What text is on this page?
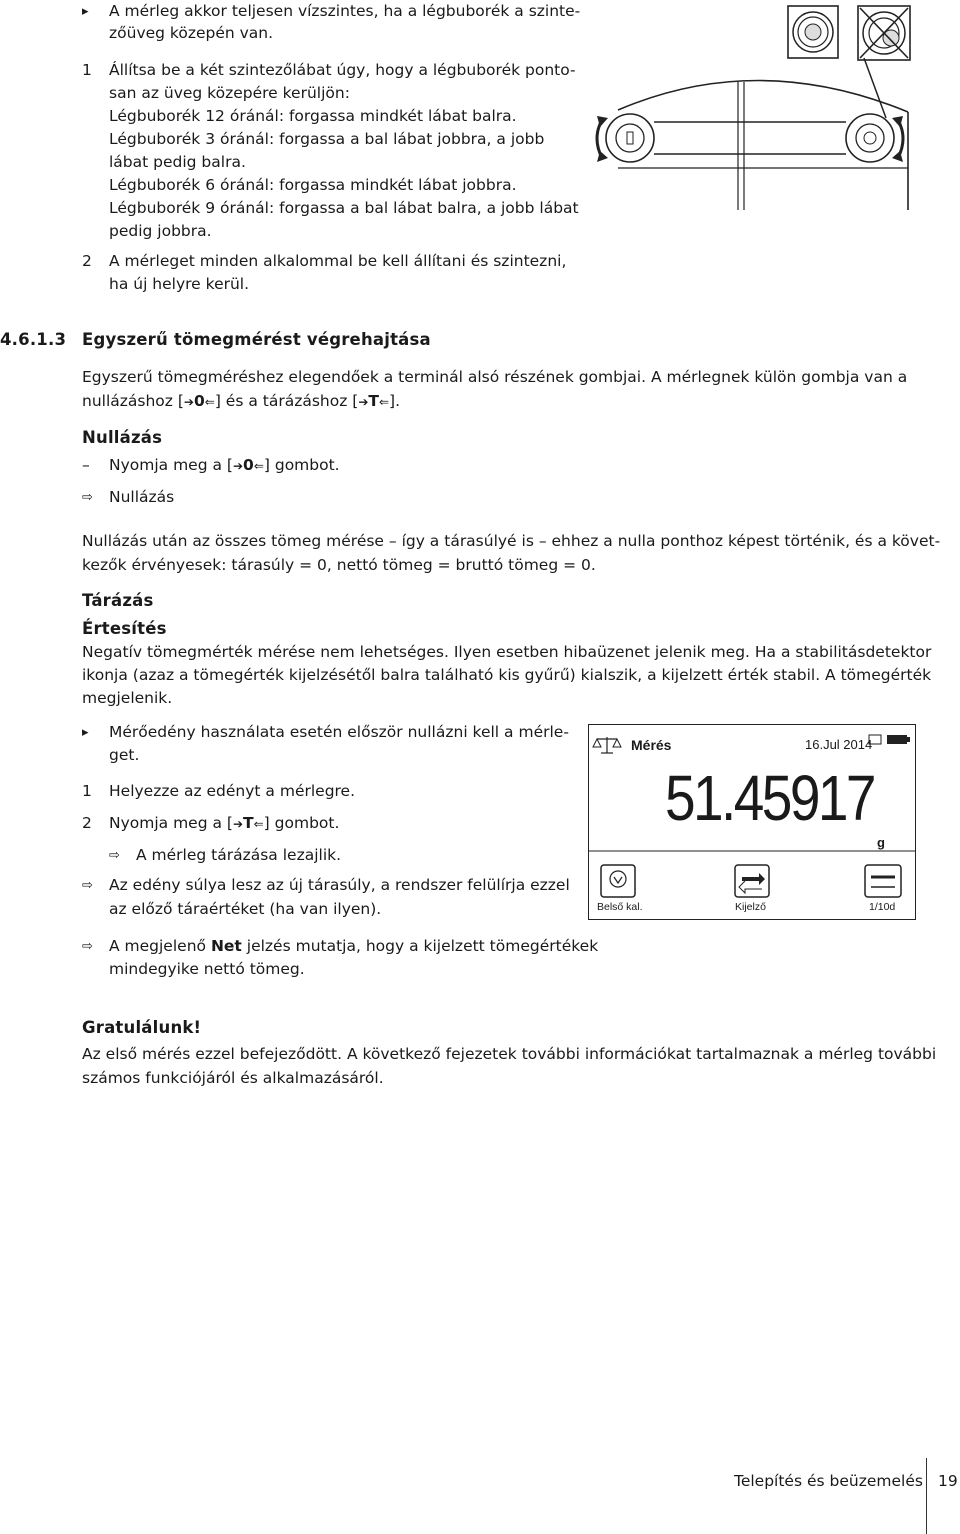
▸ A mérleg akkor teljesen vízszintes, ha a légbuborék a szinte-
zőüveg közepén van.
1 Állítsa be a két szintezőlábat úgy, hogy a légbuborék ponto-
san az üveg közepére kerüljön:
Légbuborék 12 óránál: forgassa mindkét lábat balra.
Légbuborék 3 óránál: forgassa a bal lábat jobbra, a jobb
lábat pedig balra.
Légbuborék 6 óránál: forgassa mindkét lábat jobbra.
Légbuborék 9 óránál: forgassa a bal lábat balra, a jobb lábat
pedig jobbra.
2 A mérleget minden alkalommal be kell állítani és szintezni,
ha új helyre kerül.
4.6.1.3 Egyszerű tömegmérést végrehajtása
Egyszerű tömegméréshez elegendőek a terminál alsó részének gombjai. A mérlegnek külön gombja van a
nullázáshoz [➔0⇐] és a tárázáshoz [➔T⇐].
Nullázás
– Nyomja meg a [➔0⇐] gombot.
⇨ Nullázás
Nullázás után az összes tömeg mérése – így a tárasúlyé is – ehhez a nulla ponthoz képest történik, és a követ-
kezők érvényesek: tárasúly = 0, nettó tömeg = bruttó tömeg = 0.
Tárázás
Értesítés
Negatív tömegmérték mérése nem lehetséges. Ilyen esetben hibaüzenet jelenik meg. Ha a stabilitásdetektor
ikonja (azaz a tömegérték kijelzésétől balra található kis gyűrű) kialszik, a kijelzett érték stabil. A tömegérték
megjelenik.
▸ Mérőedény használata esetén először nullázni kell a mérle-
get.
1 Helyezze az edényt a mérlegre.
2 Nyomja meg a [➔T⇐] gombot.
⇨ A mérleg tárázása lezajlik.
⇨ Az edény súlya lesz az új tárasúly, a rendszer felülírja ezzel
az előző táraértéket (ha van ilyen).
⇨ A megjelenő Net jelzés mutatja, hogy a kijelzett tömegértékek
mindegyike nettó tömeg.
Mérés	16.Jul 2014
51.45917
g
Belső kal.	Kijelző	1/10d
Gratulálunk!
Az első mérés ezzel befejeződött. A következő fejezetek további információkat tartalmaznak a mérleg további
számos funkciójáról és alkalmazásáról.
Telepítés és beüzemelés 19
